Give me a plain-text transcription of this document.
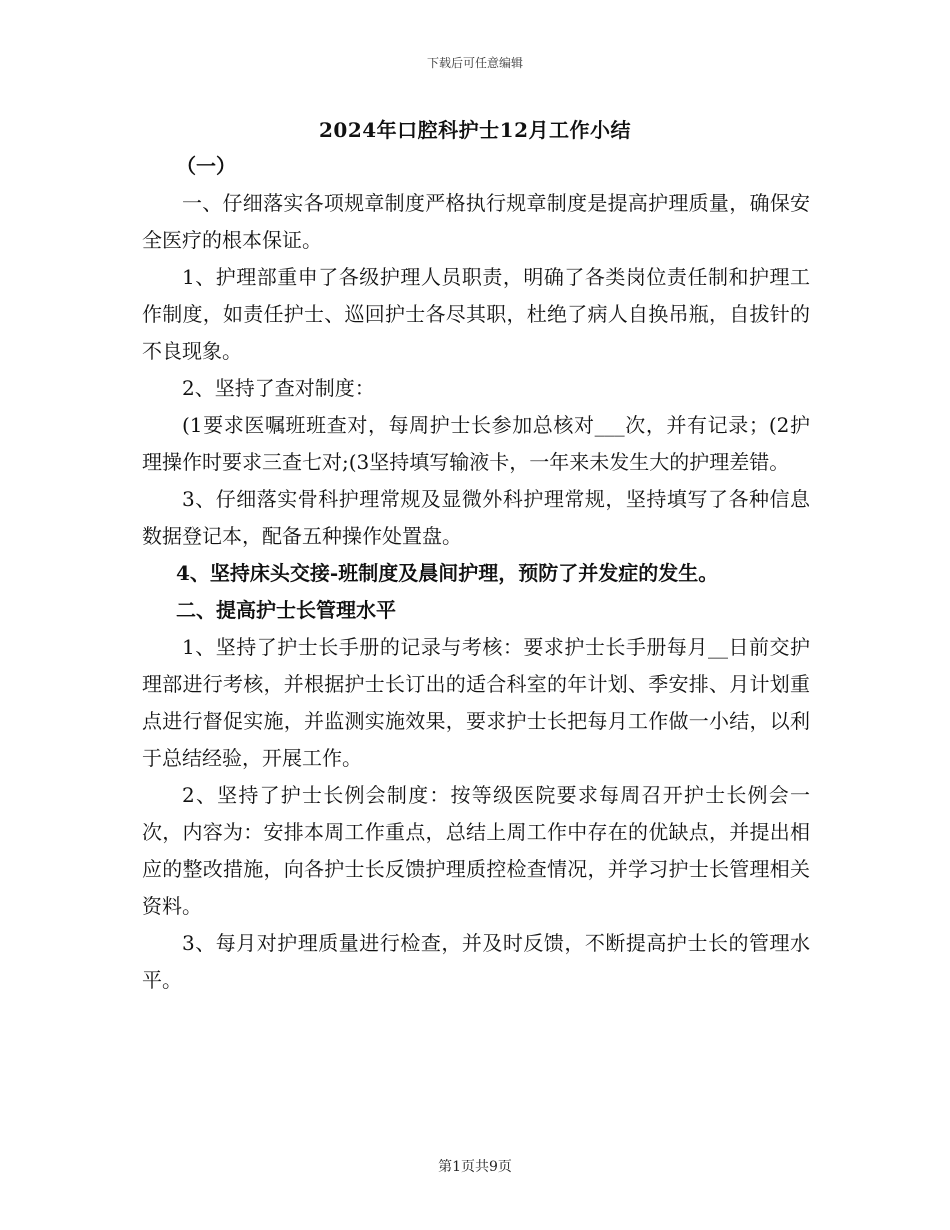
下载后可任意编辑
2024年口腔科护士12月工作小结

（一）

一、仔细落实各项规章制度严格执行规章制度是提高护理质量，确保安全医疗的根本保证。

1、护理部重申了各级护理人员职责，明确了各类岗位责任制和护理工作制度，如责任护士、巡回护士各尽其职，杜绝了病人自换吊瓶，自拔针的不良现象。

2、坚持了查对制度：

(1要求医嘱班班查对，每周护士长参加总核对___次，并有记录；(2护理操作时要求三查七对;(3坚持填写输液卡，一年来未发生大的护理差错。

3、仔细落实骨科护理常规及显微外科护理常规，坚持填写了各种信息数据登记本，配备五种操作处置盘。

4、坚持床头交接-班制度及晨间护理，预防了并发症的发生。

二、提高护士长管理水平

1、坚持了护士长手册的记录与考核：要求护士长手册每月__日前交护理部进行考核，并根据护士长订出的适合科室的年计划、季安排、月计划重点进行督促实施，并监测实施效果，要求护士长把每月工作做一小结，以利于总结经验，开展工作。

2、坚持了护士长例会制度：按等级医院要求每周召开护士长例会一次，内容为：安排本周工作重点，总结上周工作中存在的优缺点，并提出相应的整改措施，向各护士长反馈护理质控检查情况，并学习护士长管理相关资料。

3、每月对护理质量进行检查，并及时反馈，不断提高护士长的管理水平。

第1页共9页
